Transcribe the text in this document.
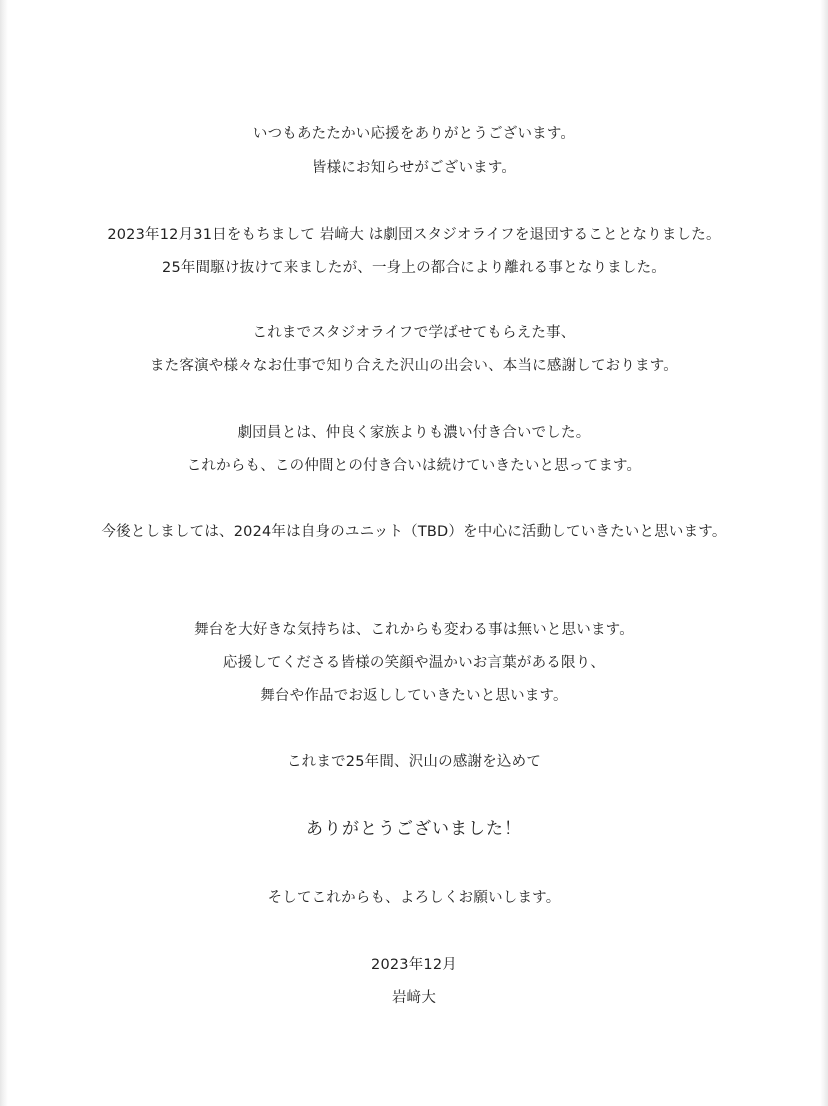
いつもあたたかい応援をありがとうございます。
皆様にお知らせがございます。
2023年12月31日をもちまして 岩﨑大 は劇団スタジオライフを退団することとなりました。
25年間駆け抜けて来ましたが、一身上の都合により離れる事となりました。
これまでスタジオライフで学ばせてもらえた事、
また客演や様々なお仕事で知り合えた沢山の出会い、本当に感謝しております。
劇団員とは、仲良く家族よりも濃い付き合いでした。
これからも、この仲間との付き合いは続けていきたいと思ってます。
今後としましては、2024年は自身のユニット（TBD）を中心に活動していきたいと思います。
舞台を大好きな気持ちは、これからも変わる事は無いと思います。
応援してくださる皆様の笑顔や温かいお言葉がある限り、
舞台や作品でお返ししていきたいと思います。
これまで25年間、沢山の感謝を込めて
ありがとうございました！
そしてこれからも、よろしくお願いします。
2023年12月
岩﨑大
